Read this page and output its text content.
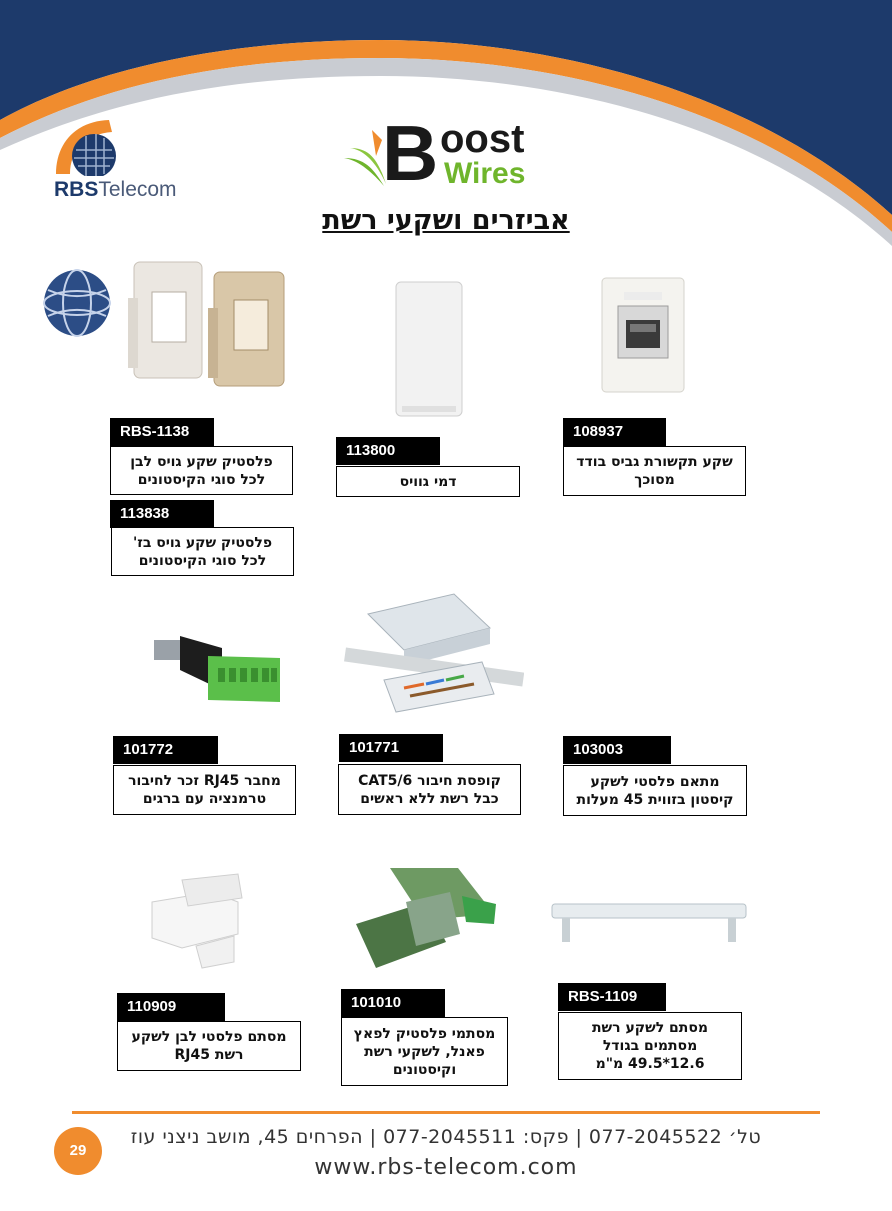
RBSTelecom	B oost
Wires
אביזרים ושקעי רשת
RBS-1138
פלסטיק שקע גויס לבן
לכל סוגי הקיסטונים
113838
פלסטיק שקע גויס בז'
לכל סוגי הקיסטונים
113800
דמי גוויס
108937
שקע תקשורת גביס בודד
מסוכך
101772
מחבר RJ45 זכר לחיבור
טרמנציה עם ברגים
101771
קופסת חיבור CAT5/6
כבל רשת ללא ראשים
103003
מתאם פלסטי לשקע
קיסטון בזווית 45 מעלות
110909
מסתם פלסטי לבן לשקע
רשת RJ45
101010
מסתמי פלסטיק לפאץ
פאנל, לשקעי רשת
וקיסטונים
RBS-1109
מסתם לשקע רשת
מסתמים בגודל
12.6*49.5 מ"מ
29
טל׳ 077-2045522 | פקס: 077-2045511 | הפרחים 45, מושב ניצני עוז
www.rbs-telecom.com
